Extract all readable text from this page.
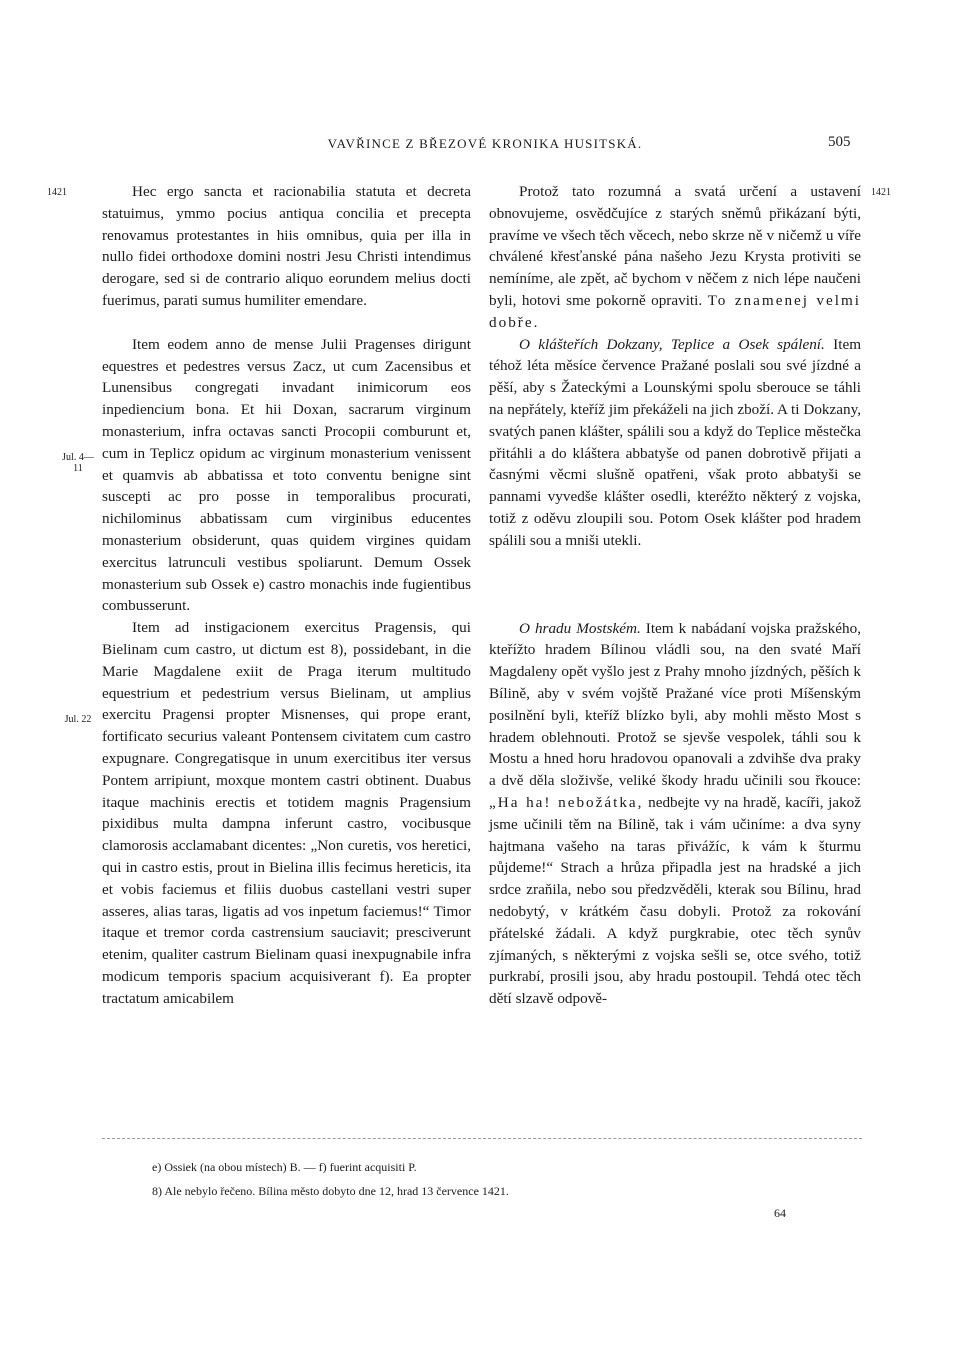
VAVŘINCE Z BŘEZOVÉ KRONIKA HUSITSKÁ.	505
1421	1421
Jul. 4—11
Jul. 22

Hec ergo sancta et racionabilia statuta et decreta statuimus, ymmo pocius antiqua concilia et precepta renovamus protestantes in hiis omnibus, quia per illa in nullo fidei orthodoxe domini nostri Jesu Christi intendimus derogare, sed si de contrario aliquo eorundem melius docti fuerimus, parati sumus humiliter emendare.

Item eodem anno de mense Julii Pragenses dirigunt equestres et pedestres versus Zacz, ut cum Zacensibus et Lunensibus congregati invadant inimicorum eos inpediencium bona. Et hii Doxan, sacrarum virginum monasterium, infra octavas sancti Procopii comburunt et, cum in Teplicz opidum ac virginum monasterium venissent et quamvis ab abbatissa et toto conventu benigne sint suscepti ac pro posse in temporalibus procurati, nichilominus abbatissam cum virginibus educentes monasterium obsiderunt, quas quidem virgines quidam exercitus latrunculi vestibus spoliarunt. Demum Ossek monasterium sub Ossek e) castro monachis inde fugientibus combusserunt.

Item ad instigacionem exercitus Pragensis, qui Bielinam cum castro, ut dictum est 8), possidebant, in die Marie Magdalene exiit de Praga iterum multitudo equestrium et pedestrium versus Bielinam, ut amplius exercitu Pragensi propter Misnenses, qui prope erant, fortificato securius valeant Pontensem civitatem cum castro expugnare. Congregatisque in unum exercitibus iter versus Pontem arripiunt, moxque montem castri obtinent. Duabus itaque machinis erectis et totidem magnis Pragensium pixidibus multa dampna inferunt castro, vocibusque clamorosis acclamabant dicentes: „Non curetis, vos heretici, qui in castro estis, prout in Bielina illis fecimus hereticis, ita et vobis faciemus et filiis duobus castellani vestri super asseres, alias taras, ligatis ad vos inpetum faciemus!“ Timor itaque et tremor corda castrensium sauciavit; presciverunt etenim, qualiter castrum Bielinam quasi inexpugnabile infra modicum temporis spacium acquisiverant f). Ea propter tractatum amicabilem

Protož tato rozumná a svatá určení a ustavení obnovujeme, osvědčujíce z starých sněmů přikázaní býti, pravíme ve všech těch věcech, nebo skrze ně v ničemž u víře chválené křesťanské pána našeho Jezu Krysta protiviti se nemíníme, ale zpět, ač bychom v něčem z nich lépe naučeni byli, hotovi sme pokorně opraviti. To znamenej velmi dobře.

O klášteřích Dokzany, Teplice a Osek spálení. Item téhož léta měsíce července Pražané poslali sou své jízdné a pěší, aby s Žateckými a Lounskými spolu sberouce se táhli na nepřátely, kteříž jim překáželi na jich zboží. A ti Dokzany, svatých panen klášter, spálili sou a když do Teplice městečka přitáhli a do kláštera abbatyše od panen dobrotivě přijati a časnými věcmi slušně opatřeni, však proto abbatyši se pannami vyvedše klášter osedli, kteréžto některý z vojska, totiž z oděvu zloupili sou. Potom Osek klášter pod hradem spálili sou a mniši utekli.

O hradu Mostském. Item k nabádaní vojska pražského, kteřížto hradem Bílinou vládli sou, na den svaté Maří Magdaleny opět vyšlo jest z Prahy mnoho jízdných, pěších k Bílině, aby v svém vojště Pražané více proti Míšenským posilnění byli, kteříž blízko byli, aby mohli město Most s hradem oblehnouti. Protož se sjevše vespolek, táhli sou k Mostu a hned horu hradovou opanovali a zdvihše dva praky a dvě děla složivše, veliké škody hradu učinili sou řkouce: „Ha ha! nebožátka, nedbejte vy na hradě, kacíři, jakož jsme učinili těm na Bílině, tak i vám učiníme: a dva syny hajtmana vašeho na taras přivážíc, k vám k šturmu půjdeme!“ Strach a hrůza připadla jest na hradské a jich srdce zraňila, nebo sou předzvěděli, kterak sou Bílinu, hrad nedobytý, v krátkém času dobyli. Protož za rokování přátelské žádali. A když purgkrabie, otec těch synův zjímaných, s některými z vojska sešli se, otce svého, totiž purkrabí, prosili jsou, aby hradu postoupil. Tehdá otec těch dětí slzavě odpově-

e) Ossiek (na obou místech) B. — f) fuerint acquisiti P.
8) Ale nebylo řečeno. Bílina město dobyto dne 12, hrad 13 července 1421.
64
